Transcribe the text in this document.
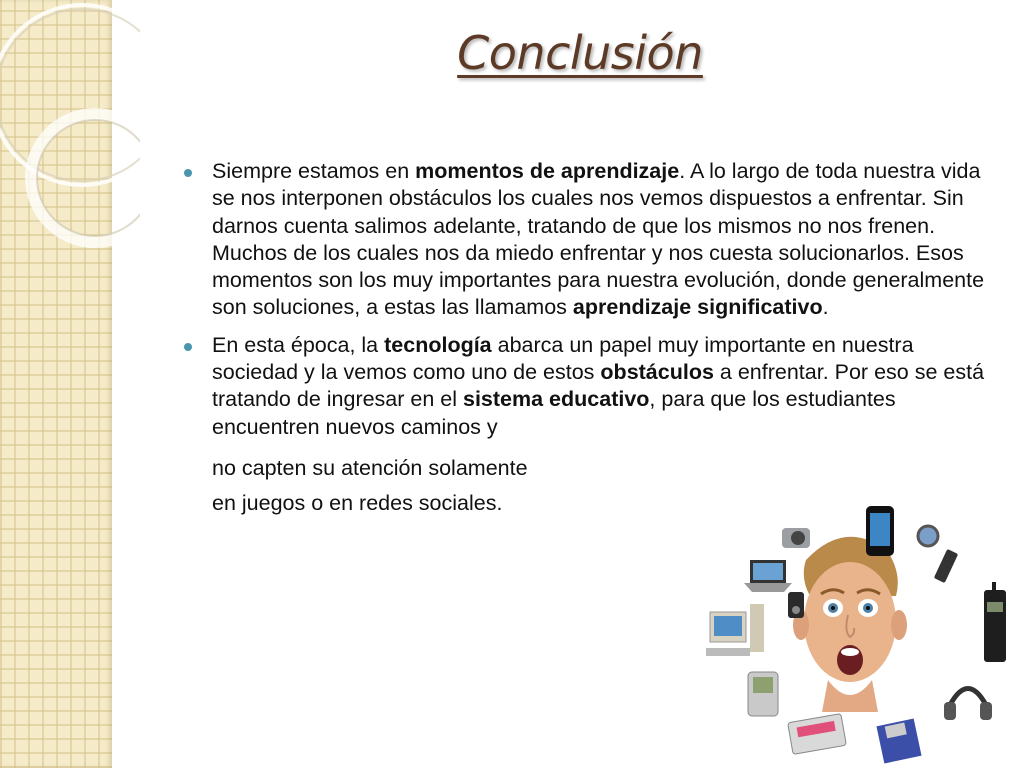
Conclusión
Siempre estamos en momentos de aprendizaje. A lo largo de toda nuestra vida se nos interponen obstáculos los cuales nos vemos dispuestos a enfrentar. Sin darnos cuenta salimos adelante, tratando de que los mismos no nos frenen. Muchos de los cuales nos da miedo enfrentar y nos cuesta solucionarlos. Esos momentos son los muy importantes para nuestra evolución, donde generalmente son soluciones, a estas las llamamos aprendizaje significativo.
En esta época, la tecnología abarca un papel muy importante en nuestra sociedad y la vemos como uno de estos obstáculos a enfrentar. Por eso se está tratando de ingresar en el sistema educativo, para que los estudiantes encuentren nuevos caminos y
no capten su atención solamente
en juegos o en redes sociales.
